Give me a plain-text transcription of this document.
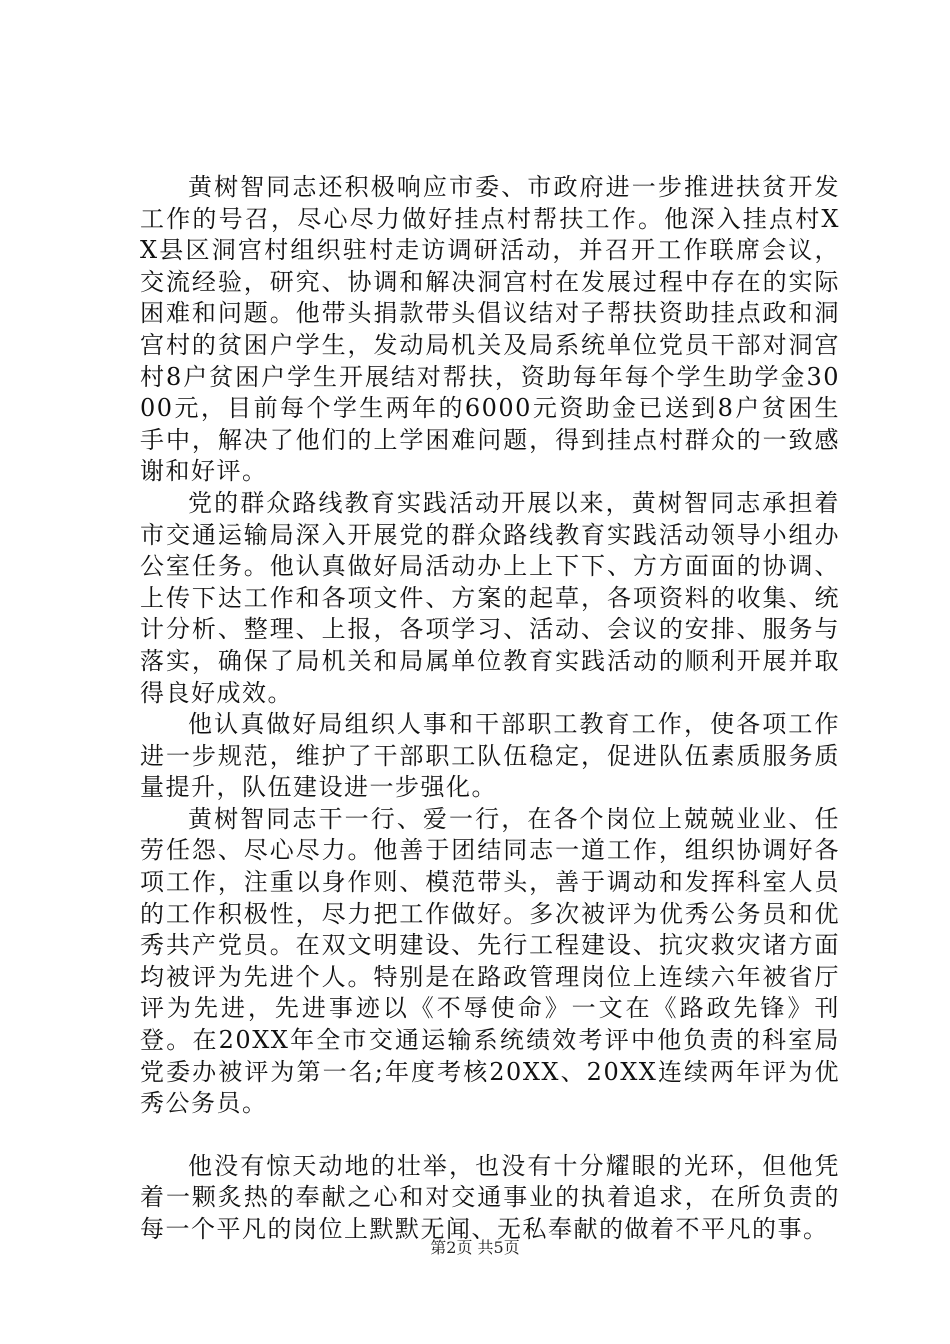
黄树智同志还积极响应市委、市政府进一步推进扶贫开发工作的号召，尽心尽力做好挂点村帮扶工作。他深入挂点村XX县区洞宫村组织驻村走访调研活动，并召开工作联席会议，交流经验，研究、协调和解决洞宫村在发展过程中存在的实际困难和问题。他带头捐款带头倡议结对子帮扶资助挂点政和洞宫村的贫困户学生，发动局机关及局系统单位党员干部对洞宫村8户贫困户学生开展结对帮扶，资助每年每个学生助学金3000元，目前每个学生两年的6000元资助金已送到8户贫困生手中，解决了他们的上学困难问题，得到挂点村群众的一致感谢和好评。

党的群众路线教育实践活动开展以来，黄树智同志承担着市交通运输局深入开展党的群众路线教育实践活动领导小组办公室任务。他认真做好局活动办上上下下、方方面面的协调、上传下达工作和各项文件、方案的起草，各项资料的收集、统计分析、整理、上报，各项学习、活动、会议的安排、服务与落实，确保了局机关和局属单位教育实践活动的顺利开展并取得良好成效。

他认真做好局组织人事和干部职工教育工作，使各项工作进一步规范，维护了干部职工队伍稳定，促进队伍素质服务质量提升，队伍建设进一步强化。

黄树智同志干一行、爱一行，在各个岗位上兢兢业业、任劳任怨、尽心尽力。他善于团结同志一道工作，组织协调好各项工作，注重以身作则、模范带头，善于调动和发挥科室人员的工作积极性，尽力把工作做好。多次被评为优秀公务员和优秀共产党员。在双文明建设、先行工程建设、抗灾救灾诸方面均被评为先进个人。特别是在路政管理岗位上连续六年被省厅评为先进，先进事迹以《不辱使命》一文在《路政先锋》刊登。在20XX年全市交通运输系统绩效考评中他负责的科室局党委办被评为第一名;年度考核20XX、20XX连续两年评为优秀公务员。

他没有惊天动地的壮举，也没有十分耀眼的光环，但他凭着一颗炙热的奉献之心和对交通事业的执着追求，在所负责的每一个平凡的岗位上默默无闻、无私奉献的做着不平凡的事。

第2页 共5页
